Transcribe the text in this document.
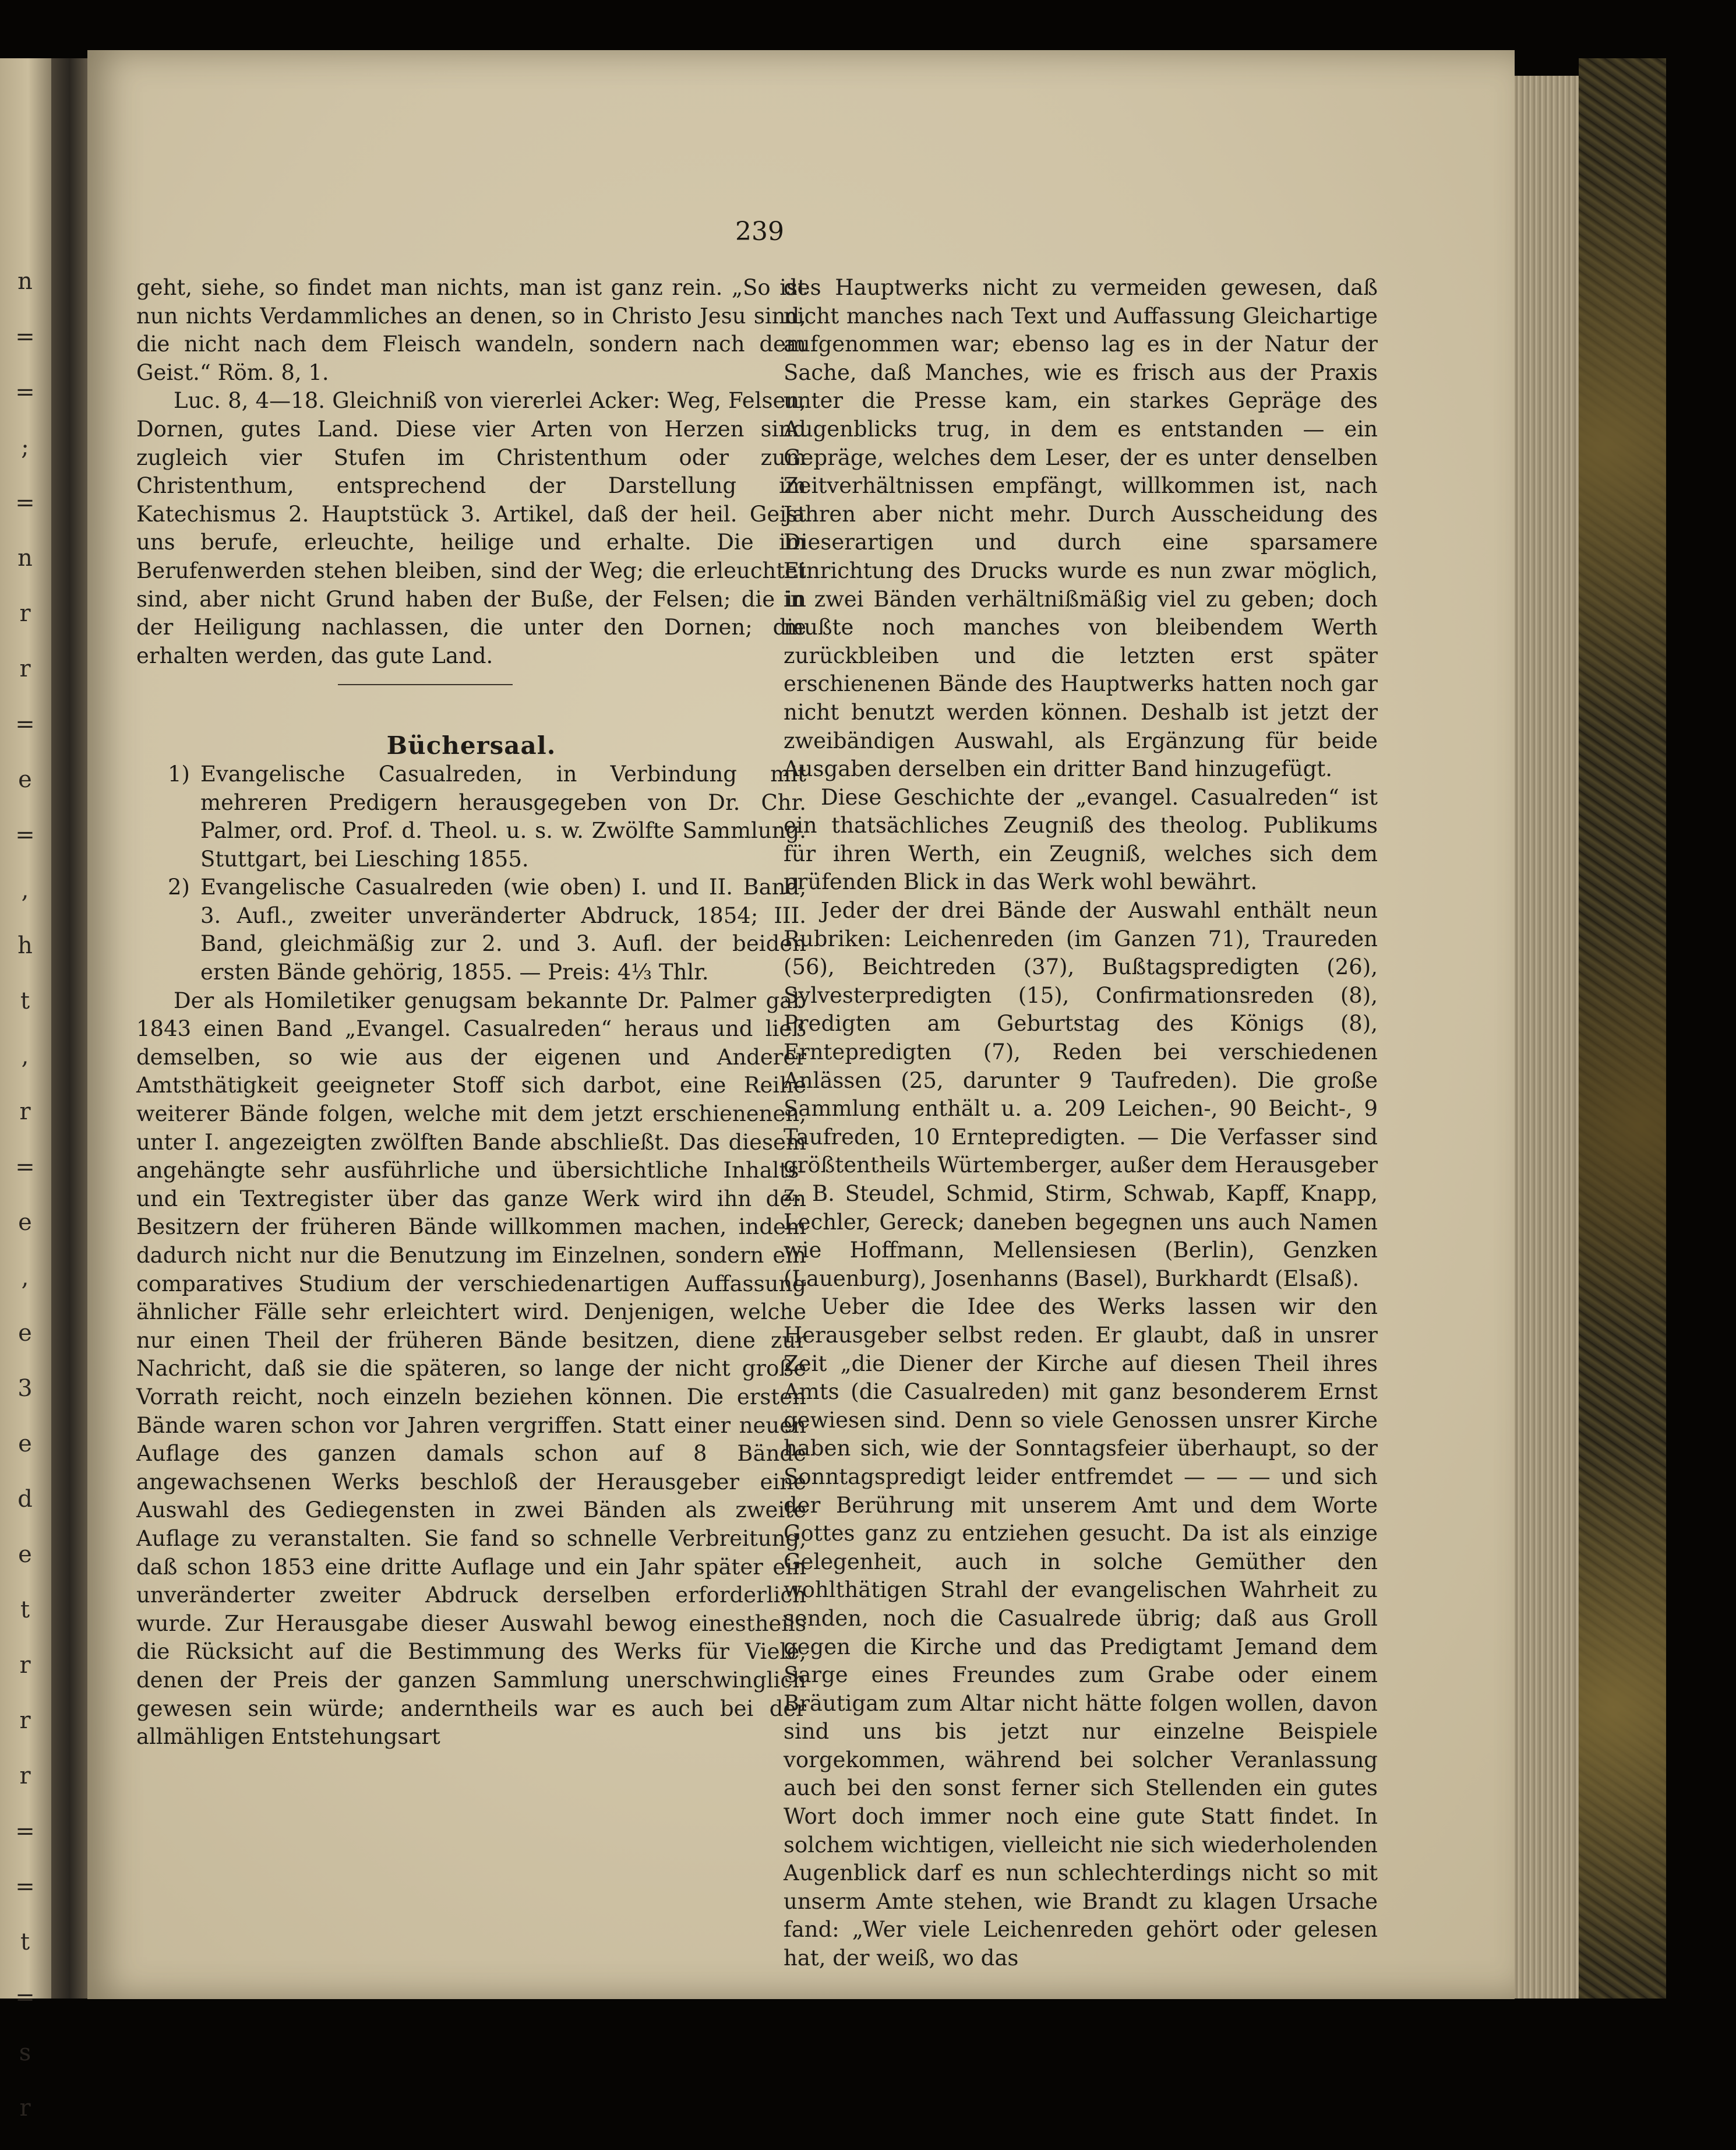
n
=
=
;
=
n
r
r
=
e
=
,
h
t
,
r
=
e
,
e
3
e
d
e
t
r
r
r
=
=
t
=
s
r
239

geht, siehe, so findet man nichts, man ist ganz rein. „So ist nun nichts Verdammliches an denen, so in Christo Jesu sind, die nicht nach dem Fleisch wandeln, sondern nach dem Geist.“ Röm. 8, 1.

Luc. 8, 4—18. Gleichniß von viererlei Acker: Weg, Felsen, Dornen, gutes Land. Diese vier Arten von Herzen sind zugleich vier Stufen im Christenthum oder zum Christenthum, entsprechend der Darstellung im Katechismus 2. Hauptstück 3. Artikel, daß der heil. Geist uns berufe, erleuchte, heilige und erhalte. Die im Berufenwerden stehen bleiben, sind der Weg; die erleuchtet sind, aber nicht Grund haben der Buße, der Felsen; die in der Heiligung nachlassen, die unter den Dornen; die erhalten werden, das gute Land.

Büchersaal.

1) Evangelische Casualreden, in Verbindung mit mehreren Predigern herausgegeben von Dr. Chr. Palmer, ord. Prof. d. Theol. u. s. w. Zwölfte Sammlung. Stuttgart, bei Liesching 1855.

2) Evangelische Casualreden (wie oben) I. und II. Band, 3. Aufl., zweiter unveränderter Abdruck, 1854; III. Band, gleichmäßig zur 2. und 3. Aufl. der beiden ersten Bände gehörig, 1855. — Preis: 4⅓ Thlr.

Der als Homiletiker genugsam bekannte Dr. Palmer gab 1843 einen Band „Evangel. Casualreden“ heraus und ließ demselben, so wie aus der eigenen und Anderer Amtsthätigkeit geeigneter Stoff sich darbot, eine Reihe weiterer Bände folgen, welche mit dem jetzt erschienenen, unter I. angezeigten zwölften Bande abschließt. Das diesem angehängte sehr ausführliche und übersichtliche Inhalts- und ein Textregister über das ganze Werk wird ihn den Besitzern der früheren Bände willkommen machen, indem dadurch nicht nur die Benutzung im Einzelnen, sondern ein comparatives Studium der verschiedenartigen Auffassung ähnlicher Fälle sehr erleichtert wird. Denjenigen, welche nur einen Theil der früheren Bände besitzen, diene zur Nachricht, daß sie die späteren, so lange der nicht große Vorrath reicht, noch einzeln beziehen können. Die ersten Bände waren schon vor Jahren vergriffen. Statt einer neuen Auflage des ganzen damals schon auf 8 Bände angewachsenen Werks beschloß der Herausgeber eine Auswahl des Gediegensten in zwei Bänden als zweite Auflage zu veranstalten. Sie fand so schnelle Verbreitung, daß schon 1853 eine dritte Auflage und ein Jahr später ein unveränderter zweiter Abdruck derselben erforderlich wurde. Zur Herausgabe dieser Auswahl bewog einestheils die Rücksicht auf die Bestimmung des Werks für Viele, denen der Preis der ganzen Sammlung unerschwinglich gewesen sein würde; anderntheils war es auch bei der allmähligen Entstehungsart

des Hauptwerks nicht zu vermeiden gewesen, daß nicht manches nach Text und Auffassung Gleichartige aufgenommen war; ebenso lag es in der Natur der Sache, daß Manches, wie es frisch aus der Praxis unter die Presse kam, ein starkes Gepräge des Augenblicks trug, in dem es entstanden — ein Gepräge, welches dem Leser, der es unter denselben Zeitverhältnissen empfängt, willkommen ist, nach Jahren aber nicht mehr. Durch Ausscheidung des Dieserartigen und durch eine sparsamere Einrichtung des Drucks wurde es nun zwar möglich, in zwei Bänden verhältnißmäßig viel zu geben; doch mußte noch manches von bleibendem Werth zurückbleiben und die letzten erst später erschienenen Bände des Hauptwerks hatten noch gar nicht benutzt werden können. Deshalb ist jetzt der zweibändigen Auswahl, als Ergänzung für beide Ausgaben derselben ein dritter Band hinzugefügt.

Diese Geschichte der „evangel. Casualreden“ ist ein thatsächliches Zeugniß des theolog. Publikums für ihren Werth, ein Zeugniß, welches sich dem prüfenden Blick in das Werk wohl bewährt.

Jeder der drei Bände der Auswahl enthält neun Rubriken: Leichenreden (im Ganzen 71), Traureden (56), Beichtreden (37), Bußtagspredigten (26), Sylvesterpredigten (15), Confirmationsreden (8), Predigten am Geburtstag des Königs (8), Erntepredigten (7), Reden bei verschiedenen Anlässen (25, darunter 9 Taufreden). Die große Sammlung enthält u. a. 209 Leichen-, 90 Beicht-, 9 Taufreden, 10 Erntepredigten. — Die Verfasser sind größtentheils Würtemberger, außer dem Herausgeber z. B. Steudel, Schmid, Stirm, Schwab, Kapff, Knapp, Lechler, Gereck; daneben begegnen uns auch Namen wie Hoffmann, Mellensiesen (Berlin), Genzken (Lauenburg), Josenhanns (Basel), Burkhardt (Elsaß).

Ueber die Idee des Werks lassen wir den Herausgeber selbst reden. Er glaubt, daß in unsrer Zeit „die Diener der Kirche auf diesen Theil ihres Amts (die Casualreden) mit ganz besonderem Ernst gewiesen sind. Denn so viele Genossen unsrer Kirche haben sich, wie der Sonntagsfeier überhaupt, so der Sonntagspredigt leider entfremdet — — — und sich der Berührung mit unserem Amt und dem Worte Gottes ganz zu entziehen gesucht. Da ist als einzige Gelegenheit, auch in solche Gemüther den wohlthätigen Strahl der evangelischen Wahrheit zu senden, noch die Casualrede übrig; daß aus Groll gegen die Kirche und das Predigtamt Jemand dem Sarge eines Freundes zum Grabe oder einem Bräutigam zum Altar nicht hätte folgen wollen, davon sind uns bis jetzt nur einzelne Beispiele vorgekommen, während bei solcher Veranlassung auch bei den sonst ferner sich Stellenden ein gutes Wort doch immer noch eine gute Statt findet. In solchem wichtigen, vielleicht nie sich wiederholenden Augenblick darf es nun schlechterdings nicht so mit unserm Amte stehen, wie Brandt zu klagen Ursache fand: „Wer viele Leichenreden gehört oder gelesen hat, der weiß, wo das
